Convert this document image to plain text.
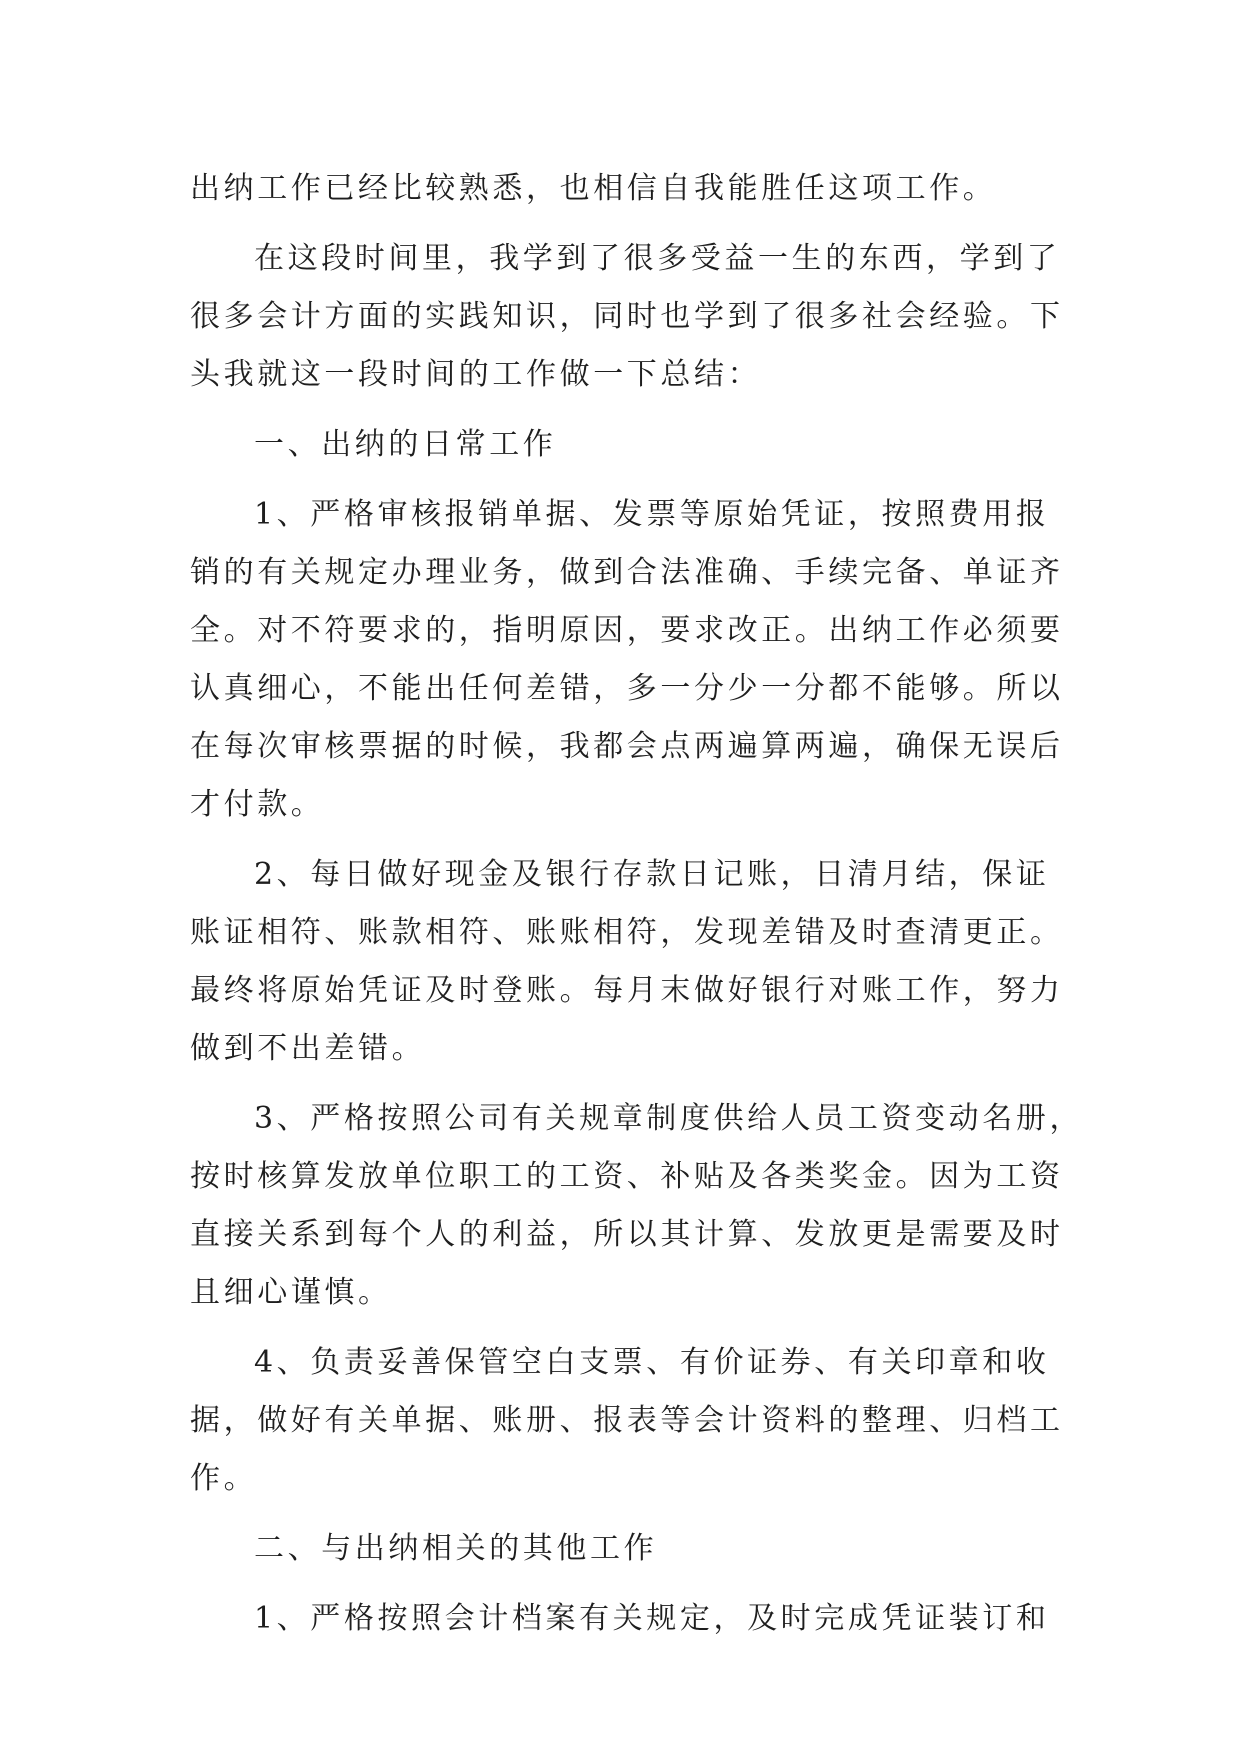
出纳工作已经比较熟悉，也相信自我能胜任这项工作。
在这段时间里，我学到了很多受益一生的东西，学到了
很多会计方面的实践知识，同时也学到了很多社会经验。下
头我就这一段时间的工作做一下总结：
一、出纳的日常工作
1、严格审核报销单据、发票等原始凭证，按照费用报
销的有关规定办理业务，做到合法准确、手续完备、单证齐
全。对不符要求的，指明原因，要求改正。出纳工作必须要
认真细心，不能出任何差错，多一分少一分都不能够。所以
在每次审核票据的时候，我都会点两遍算两遍，确保无误后
才付款。
2、每日做好现金及银行存款日记账，日清月结，保证
账证相符、账款相符、账账相符，发现差错及时查清更正。
最终将原始凭证及时登账。每月末做好银行对账工作，努力
做到不出差错。
3、严格按照公司有关规章制度供给人员工资变动名册，
按时核算发放单位职工的工资、补贴及各类奖金。因为工资
直接关系到每个人的利益，所以其计算、发放更是需要及时
且细心谨慎。
4、负责妥善保管空白支票、有价证券、有关印章和收
据，做好有关单据、账册、报表等会计资料的整理、归档工
作。
二、与出纳相关的其他工作
1、严格按照会计档案有关规定，及时完成凭证装订和
